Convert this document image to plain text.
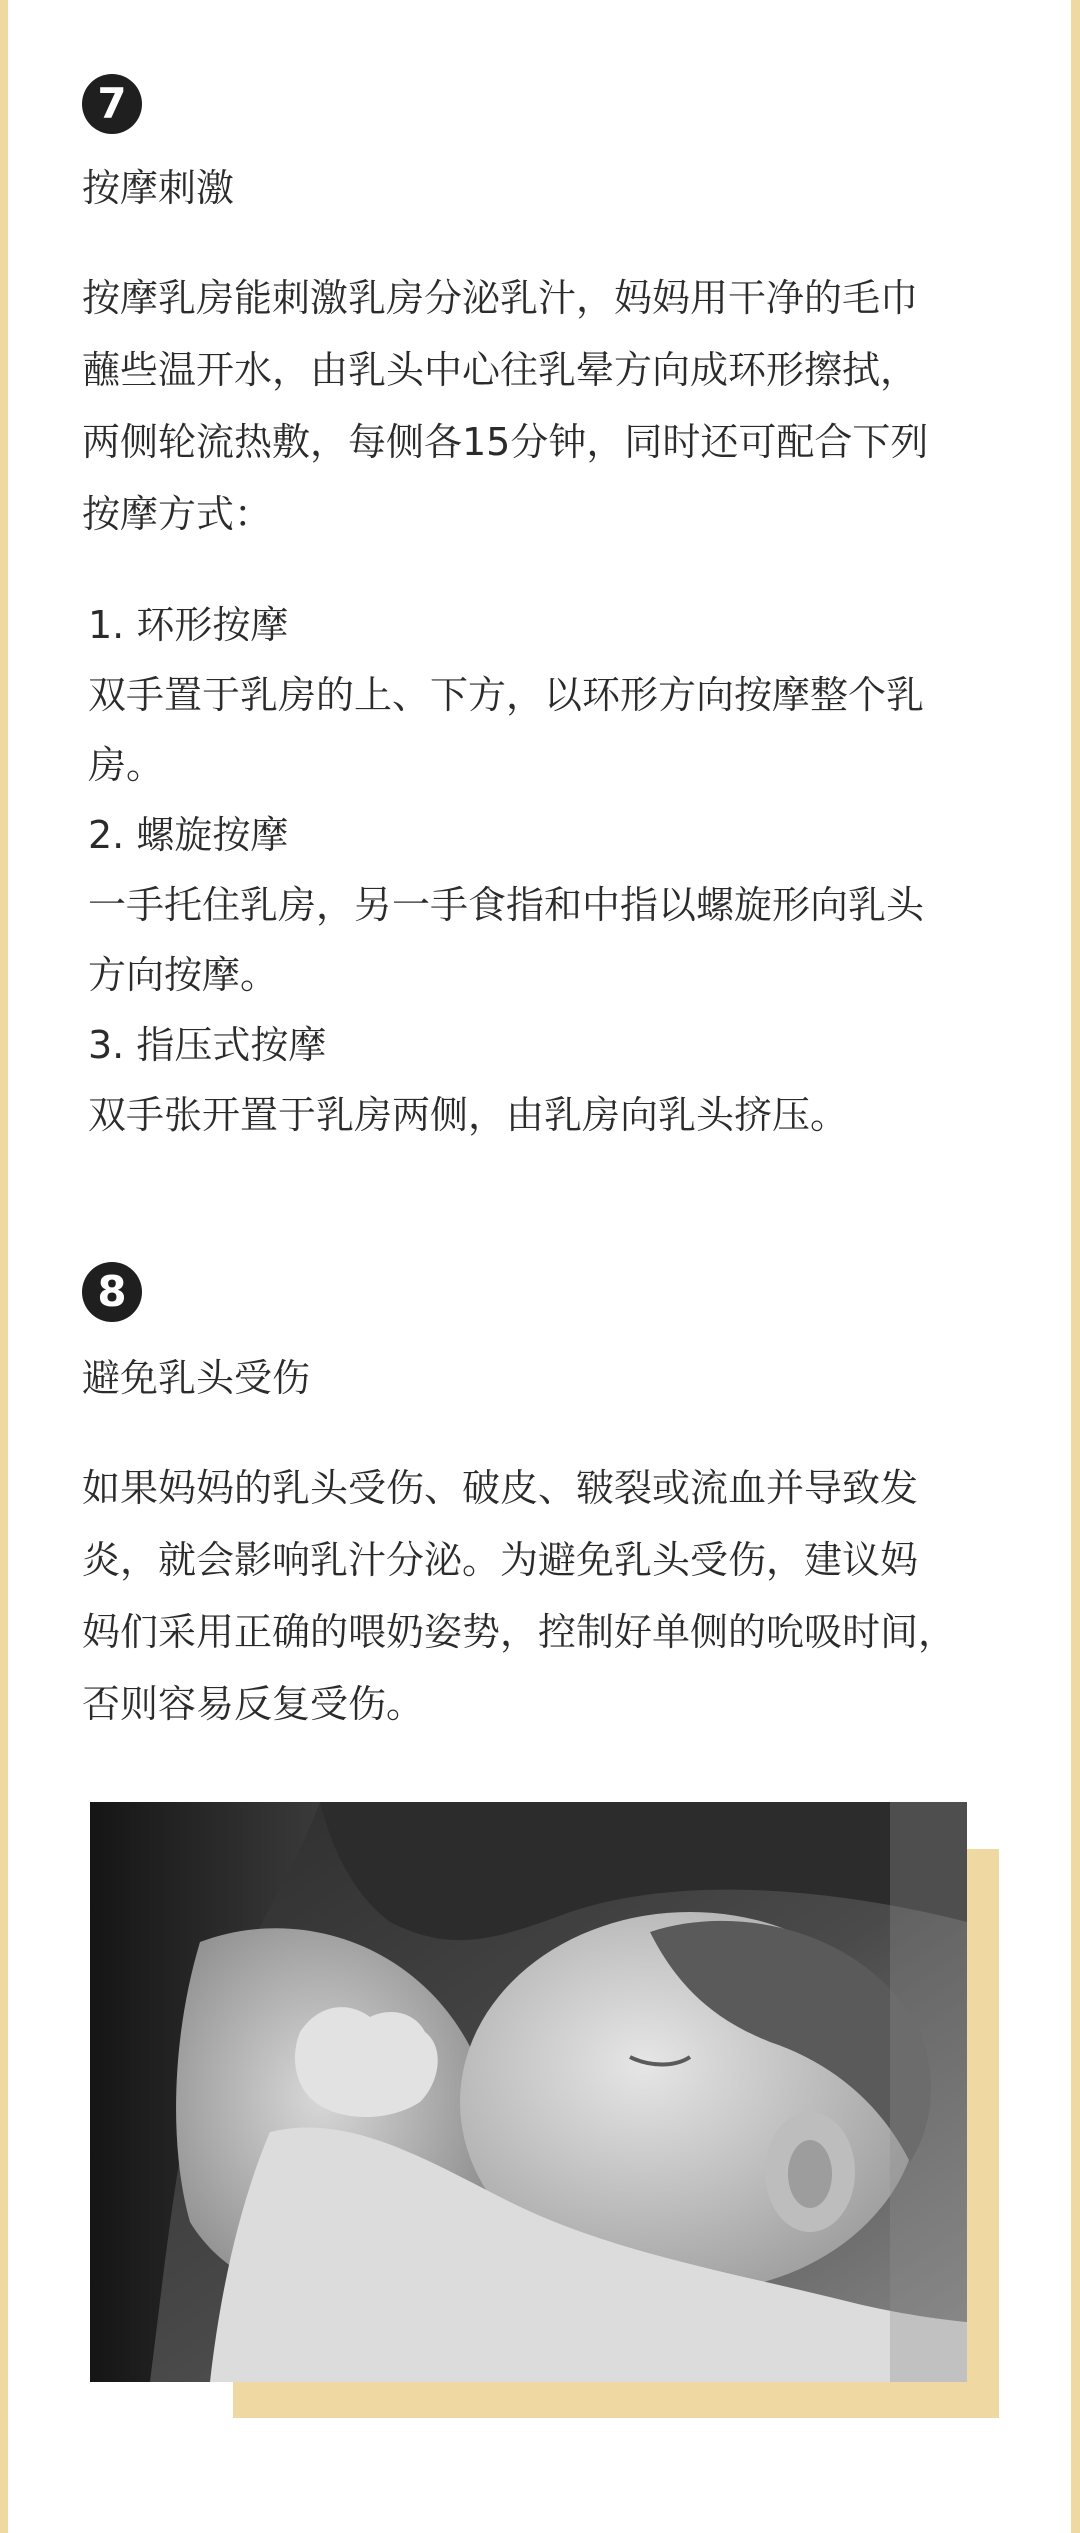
7
按摩刺激

按摩乳房能刺激乳房分泌乳汁，妈妈用干净的毛巾
蘸些温开水，由乳头中心往乳晕方向成环形擦拭，
两侧轮流热敷，每侧各15分钟，同时还可配合下列
按摩方式：

1. 环形按摩
双手置于乳房的上、下方，以环形方向按摩整个乳
房。
2. 螺旋按摩
一手托住乳房，另一手食指和中指以螺旋形向乳头
方向按摩。
3. 指压式按摩
双手张开置于乳房两侧，由乳房向乳头挤压。
8
避免乳头受伤

如果妈妈的乳头受伤、破皮、皲裂或流血并导致发
炎，就会影响乳汁分泌。为避免乳头受伤，建议妈
妈们采用正确的喂奶姿势，控制好单侧的吮吸时间，
否则容易反复受伤。
